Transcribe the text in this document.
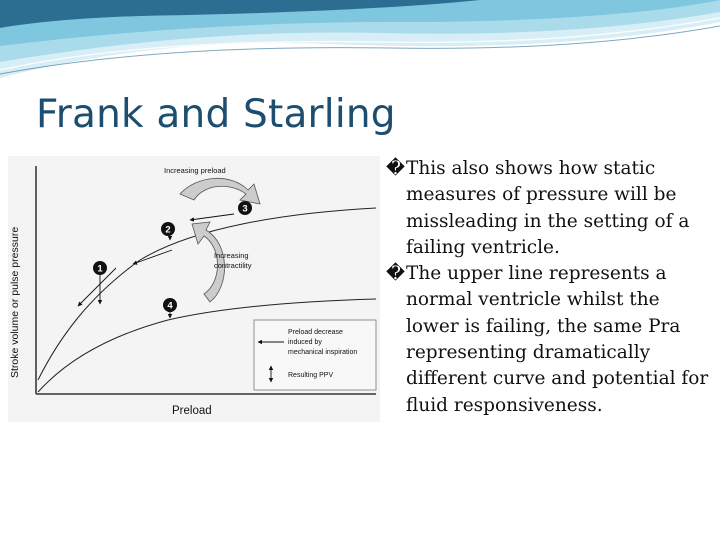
Frank and Starling
Stroke volume or pulse pressure
Preload
Increasing preload
Increasing
contractility
1
2
3
4
Preload decrease
induced by
mechanical inspiration
Resulting PPV
� This also shows how static measures of pressure will be missleading in the setting of a failing ventricle.
� The upper line represents a normal ventricle whilst the lower is failing, the same Pra representing dramatically different curve and potential for fluid responsiveness.
